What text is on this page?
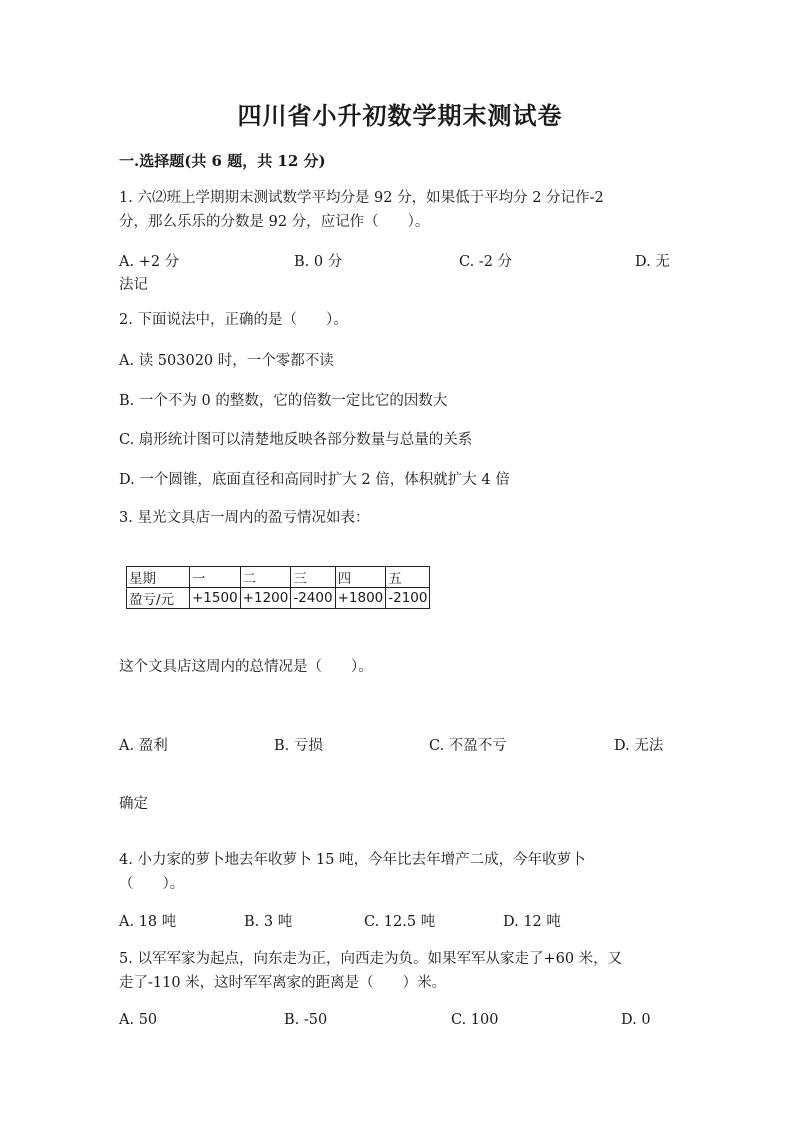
四川省小升初数学期末测试卷
一.选择题(共 6 题，共 12 分)
1. 六⑵班上学期期末测试数学平均分是 92 分，如果低于平均分 2 分记作-2
分，那么乐乐的分数是 92 分，应记作（　　）。
A. +2 分	B. 0 分	C. -2 分	D. 无
法记
2. 下面说法中，正确的是（　　）。
A. 读 503020 时，一个零都不读
B. 一个不为 0 的整数，它的倍数一定比它的因数大
C. 扇形统计图可以清楚地反映各部分数量与总量的关系
D. 一个圆锥，底面直径和高同时扩大 2 倍，体积就扩大 4 倍
3. 星光文具店一周内的盈亏情况如表：
星期	一	二	三	四	五
盈亏/元	+1500	+1200	-2400	+1800	-2100
这个文具店这周内的总情况是（　　）。
A. 盈利	B. 亏损	C. 不盈不亏	D. 无法
确定
4. 小力家的萝卜地去年收萝卜 15 吨，今年比去年增产二成，今年收萝卜
（　　）。
A. 18 吨	B. 3 吨	C. 12.5 吨	D. 12 吨
5. 以军军家为起点，向东走为正，向西走为负。如果军军从家走了+60 米，又
走了-110 米，这时军军离家的距离是（　　）米。
A. 50	B. -50	C. 100	D. 0
